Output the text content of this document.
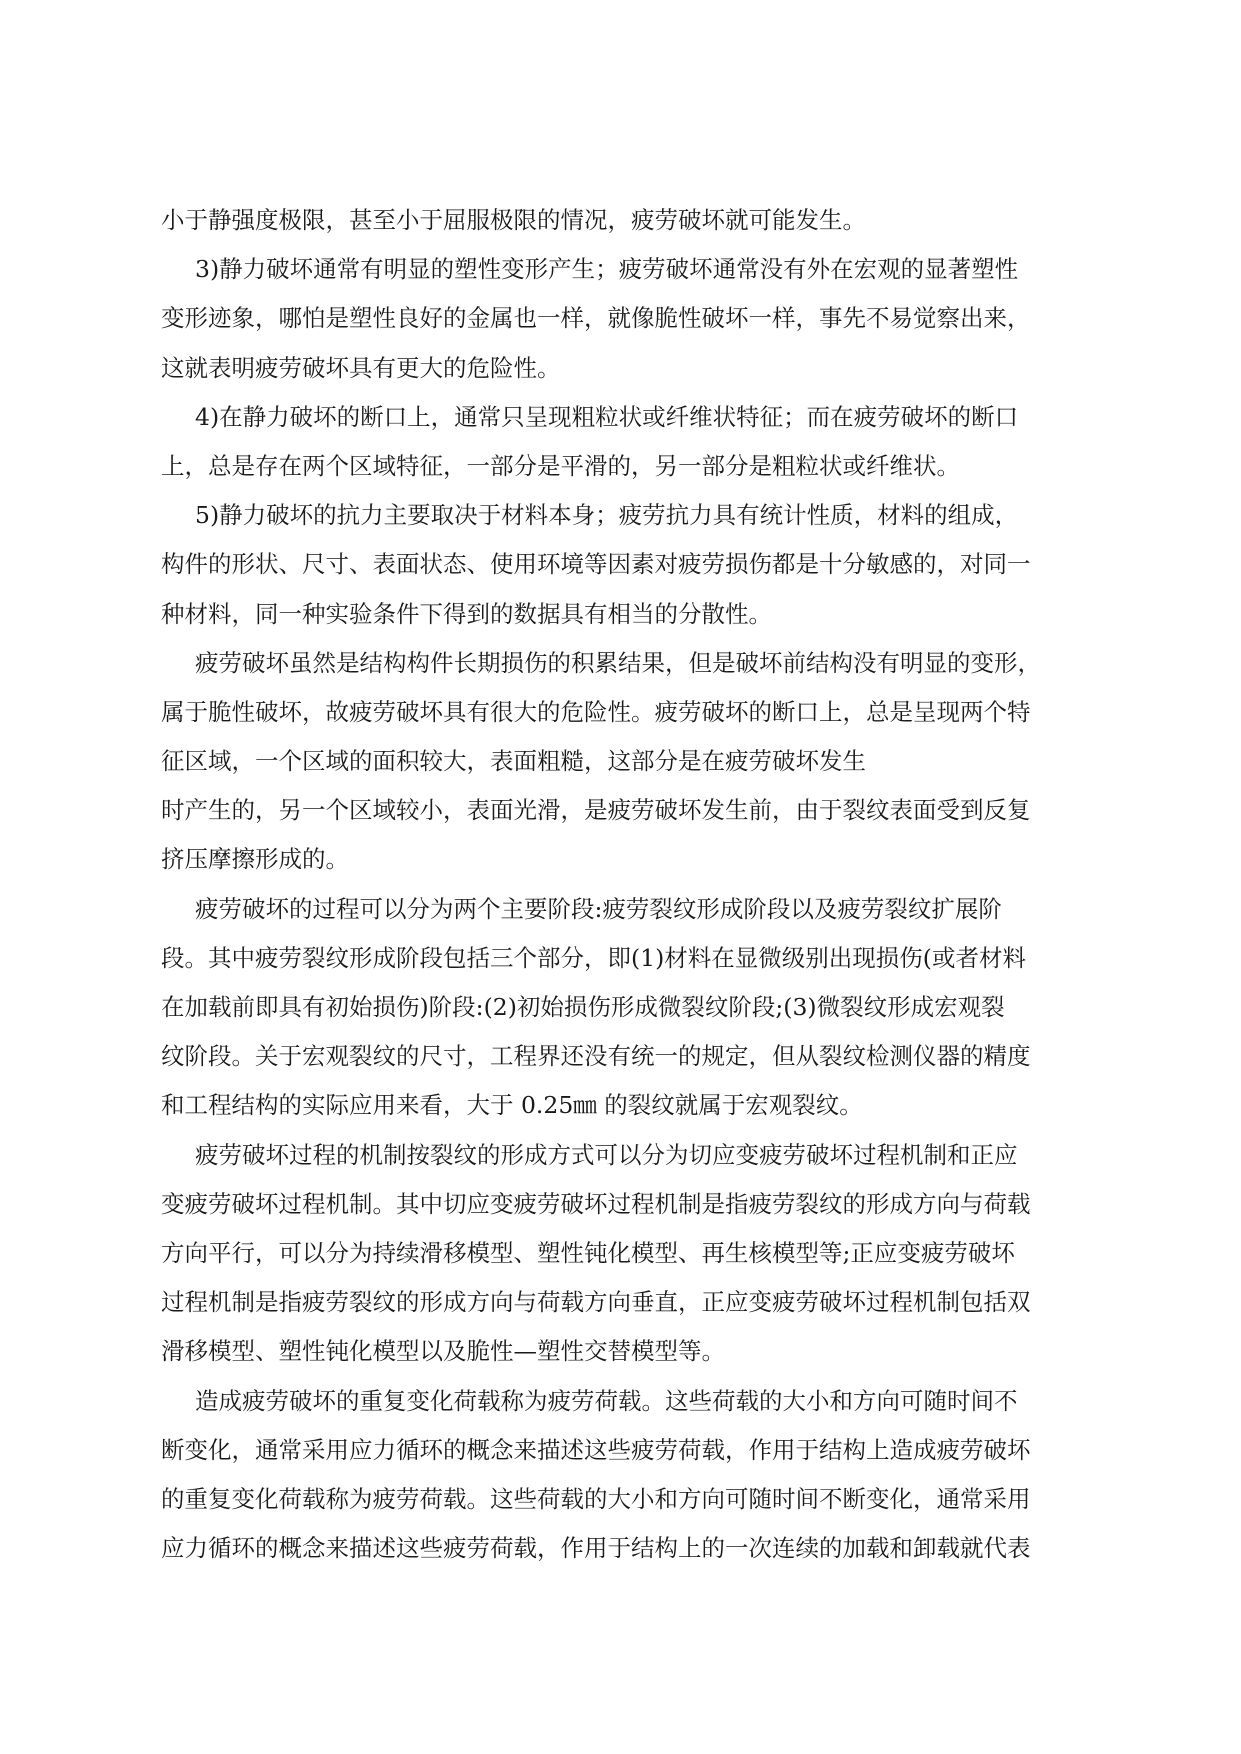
小于静强度极限，甚至小于屈服极限的情况，疲劳破坏就可能发生。

3)静力破坏通常有明显的塑性变形产生；疲劳破坏通常没有外在宏观的显著塑性
变形迹象，哪怕是塑性良好的金属也一样，就像脆性破坏一样，事先不易觉察出来，
这就表明疲劳破坏具有更大的危险性。

4)在静力破坏的断口上，通常只呈现粗粒状或纤维状特征；而在疲劳破坏的断口
上，总是存在两个区域特征，一部分是平滑的，另一部分是粗粒状或纤维状。

5)静力破坏的抗力主要取决于材料本身；疲劳抗力具有统计性质，材料的组成，
构件的形状、尺寸、表面状态、使用环境等因素对疲劳损伤都是十分敏感的，对同一
种材料，同一种实验条件下得到的数据具有相当的分散性。

疲劳破坏虽然是结构构件长期损伤的积累结果，但是破坏前结构没有明显的变形，
属于脆性破坏，故疲劳破坏具有很大的危险性。疲劳破坏的断口上，总是呈现两个特
征区域，一个区域的面积较大，表面粗糙，这部分是在疲劳破坏发生
时产生的，另一个区域较小，表面光滑，是疲劳破坏发生前，由于裂纹表面受到反复
挤压摩擦形成的。

疲劳破坏的过程可以分为两个主要阶段:疲劳裂纹形成阶段以及疲劳裂纹扩展阶
段。其中疲劳裂纹形成阶段包括三个部分，即(1)材料在显微级别出现损伤(或者材料
在加载前即具有初始损伤)阶段:(2)初始损伤形成微裂纹阶段;(3)微裂纹形成宏观裂
纹阶段。关于宏观裂纹的尺寸，工程界还没有统一的规定，但从裂纹检测仪器的精度
和工程结构的实际应用来看，大于 0.25㎜ 的裂纹就属于宏观裂纹。

疲劳破坏过程的机制按裂纹的形成方式可以分为切应变疲劳破坏过程机制和正应
变疲劳破坏过程机制。其中切应变疲劳破坏过程机制是指疲劳裂纹的形成方向与荷载
方向平行，可以分为持续滑移模型、塑性钝化模型、再生核模型等;正应变疲劳破坏
过程机制是指疲劳裂纹的形成方向与荷载方向垂直，正应变疲劳破坏过程机制包括双
滑移模型、塑性钝化模型以及脆性—塑性交替模型等。

造成疲劳破坏的重复变化荷载称为疲劳荷载。这些荷载的大小和方向可随时间不
断变化，通常采用应力循环的概念来描述这些疲劳荷载，作用于结构上造成疲劳破坏
的重复变化荷载称为疲劳荷载。这些荷载的大小和方向可随时间不断变化，通常采用
应力循环的概念来描述这些疲劳荷载，作用于结构上的一次连续的加载和卸载就代表
